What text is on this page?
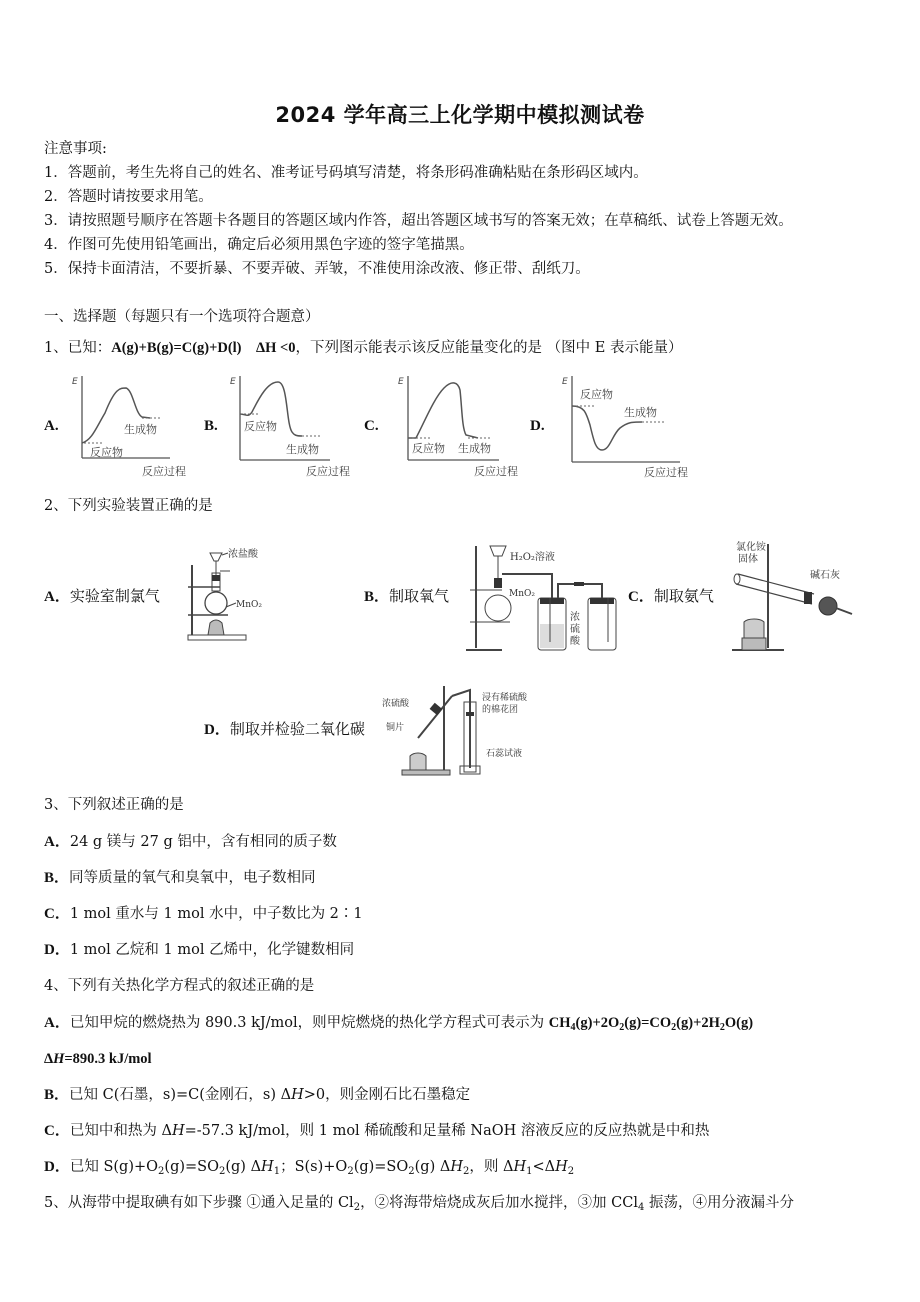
2024 学年高三上化学期中模拟测试卷
注意事项:
1．答题前，考生先将自己的姓名、准考证号码填写清楚，将条形码准确粘贴在条形码区域内。
2．答题时请按要求用笔。
3．请按照题号顺序在答题卡各题目的答题区域内作答，超出答题区域书写的答案无效；在草稿纸、试卷上答题无效。
4．作图可先使用铅笔画出，确定后必须用黑色字迹的签字笔描黑。
5．保持卡面清洁，不要折暴、不要弄破、弄皱，不准使用涂改液、修正带、刮纸刀。
一、选择题（每题只有一个选项符合题意）
1、已知：A(g)+B(g)=C(g)+D(l)　ΔH <0，下列图示能表示该反应能量变化的是 （图中 E 表示能量）
A.
E
生成物
反应物
反应过程
B.
E
反应物
生成物
反应过程
C.
E
反应物 生成物
反应过程
D.
E
反应物
生成物
反应过程
2、下列实验装置正确的是
A．实验室制氯气
浓盐酸
MnO₂	B．制取氧气
H₂O₂溶液
MnO₂
浓
硫
酸
C．制取氨气
氯化铵
固体
碱石灰
D．制取并检验二氧化碳
浓硫酸
铜片
浸有稀硫酸
的棉花团
石蕊试液
3、下列叙述正确的是
A．24 g 镁与 27 g 铝中，含有相同的质子数
B．同等质量的氧气和臭氧中，电子数相同
C．1 mol 重水与 1 mol 水中，中子数比为 2∶1
D．1 mol 乙烷和 1 mol 乙烯中，化学键数相同
4、下列有关热化学方程式的叙述正确的是
A．已知甲烷的燃烧热为 890.3 kJ/mol，则甲烷燃烧的热化学方程式可表示为 $CH_4(g)+2O_2(g)=CO_2(g)+2H_2O(g)$
ΔH=890.3 kJ/mol
B．已知 C(石墨，s)=C(金刚石，s) ΔH>0，则金刚石比石墨稳定
C．已知中和热为 ΔH=-57.3 kJ/mol，则 1 mol 稀硫酸和足量稀 NaOH 溶液反应的反应热就是中和热
D．已知 $S(g)+O_2(g)=SO_2(g)$ $\Delta H_1$；$S(s)+O_2(g)=SO_2(g)$ $\Delta H_2$，则 $\Delta H_1<\Delta H_2$
5、从海带中提取碘有如下步骤 ①通入足量的 $Cl_2$，②将海带焙烧成灰后加水搅拌，③加 CCl$_4$ 振荡，④用分液漏斗分
